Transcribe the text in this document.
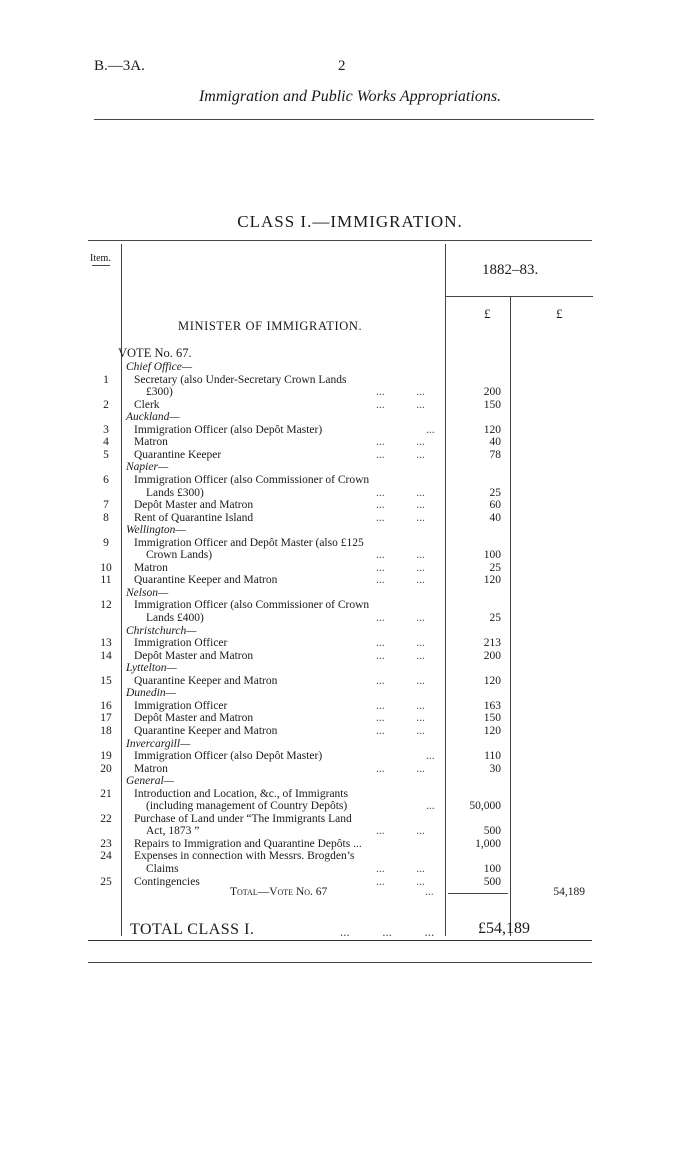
B.—3A.	2
Immigration and Public Works Appropriations.
CLASS I.—IMMIGRATION.
Item.
1882–83.
£	£
MINISTER OF IMMIGRATION.
VOTE No. 67.
Chief Office—
1	Secretary (also Under-Secretary Crown Lands
£300)	...           ...	200
2	Clerk	...           ...	150
Auckland—
3	Immigration Officer (also Depôt Master)	...	120
4	Matron	...           ...	40
5	Quarantine Keeper	...           ...	78
Napier—
6	Immigration Officer (also Commissioner of Crown
Lands £300)	...           ...	25
7	Depôt Master and Matron	...           ...	60
8	Rent of Quarantine Island	...           ...	40
Wellington—
9	Immigration Officer and Depôt Master (also £125
Crown Lands)	...           ...	100
10	Matron	...           ...	25
11	Quarantine Keeper and Matron	...           ...	120
Nelson—
12	Immigration Officer (also Commissioner of Crown
Lands £400)	...           ...	25
Christchurch—
13	Immigration Officer	...           ...	213
14	Depôt Master and Matron	...           ...	200
Lyttelton—
15	Quarantine Keeper and Matron	...           ...	120
Dunedin—
16	Immigration Officer	...           ...	163
17	Depôt Master and Matron	...           ...	150
18	Quarantine Keeper and Matron	...           ...	120
Invercargill—
19	Immigration Officer (also Depôt Master)	...	110
20	Matron	...           ...	30
General—
21	Introduction and Location, &c., of Immigrants
(including management of Country Depôts)	...	50,000
22	Purchase of Land under “The Immigrants Land
Act, 1873 ”	...           ...	500
23	Repairs to Immigration and Quarantine Depôts ...	1,000
24	Expenses in connection with Messrs. Brogden’s
Claims	...           ...	100
25	Contingencies	...           ...	500
Total—Vote No. 67	...	54,189
TOTAL CLASS I.	...          ...          ...	£54,189
